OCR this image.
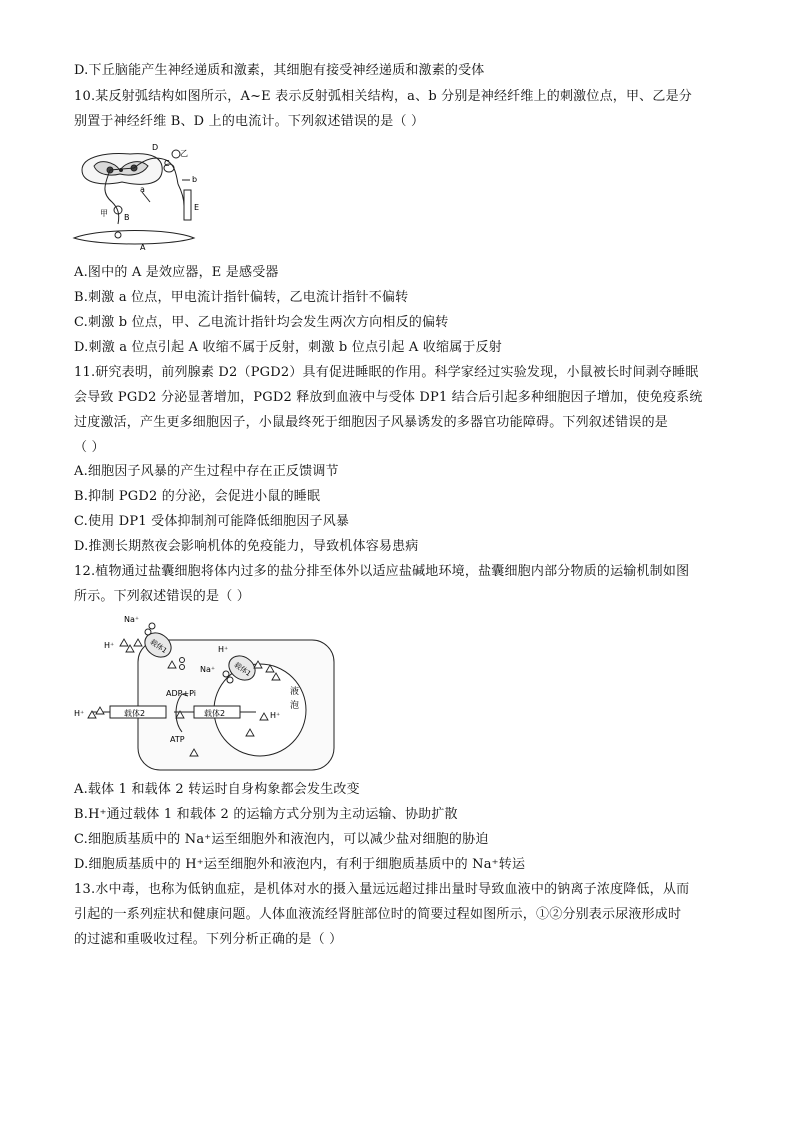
D.下丘脑能产生神经递质和激素，其细胞有接受神经递质和激素的受体
10.某反射弧结构如图所示，A~E 表示反射弧相关结构，a、b 分别是神经纤维上的刺激位点，甲、乙是分
别置于神经纤维 B、D 上的电流计。下列叙述错误的是（ ）
D
C
乙
b
a
E
甲 B
A
A.图中的 A 是效应器，E 是感受器
B.刺激 a 位点，甲电流计指针偏转，乙电流计指针不偏转
C.刺激 b 位点，甲、乙电流计指针均会发生两次方向相反的偏转
D.刺激 a 位点引起 A 收缩不属于反射，刺激 b 位点引起 A 收缩属于反射
11.研究表明，前列腺素 D2（PGD2）具有促进睡眠的作用。科学家经过实验发现，小鼠被长时间剥夺睡眠
会导致 PGD2 分泌显著增加，PGD2 释放到血液中与受体 DP1 结合后引起多种细胞因子增加，使免疫系统
过度激活，产生更多细胞因子，小鼠最终死于细胞因子风暴诱发的多器官功能障碍。下列叙述错误的是
（ ）
A.细胞因子风暴的产生过程中存在正反馈调节
B.抑制 PGD2 的分泌，会促进小鼠的睡眠
C.使用 DP1 受体抑制剂可能降低细胞因子风暴
D.推测长期熬夜会影响机体的免疫能力，导致机体容易患病
12.植物通过盐囊细胞将体内过多的盐分排至体外以适应盐碱地环境，盐囊细胞内部分物质的运输机制如图
所示。下列叙述错误的是（ ）
Na⁺
H⁺	载体1	H⁺
Na⁺ 载体1
液
泡
ADP+Pi
ATP
H⁺	载体2	载体2	H⁺
A.载体 1 和载体 2 转运时自身构象都会发生改变
B.H⁺通过载体 1 和载体 2 的运输方式分别为主动运输、协助扩散
C.细胞质基质中的 Na⁺运至细胞外和液泡内，可以减少盐对细胞的胁迫
D.细胞质基质中的 H⁺运至细胞外和液泡内，有利于细胞质基质中的 Na⁺转运
13.水中毒，也称为低钠血症，是机体对水的摄入量远远超过排出量时导致血液中的钠离子浓度降低，从而
引起的一系列症状和健康问题。人体血液流经肾脏部位时的简要过程如图所示，①②分别表示尿液形成时
的过滤和重吸收过程。下列分析正确的是（ ）
